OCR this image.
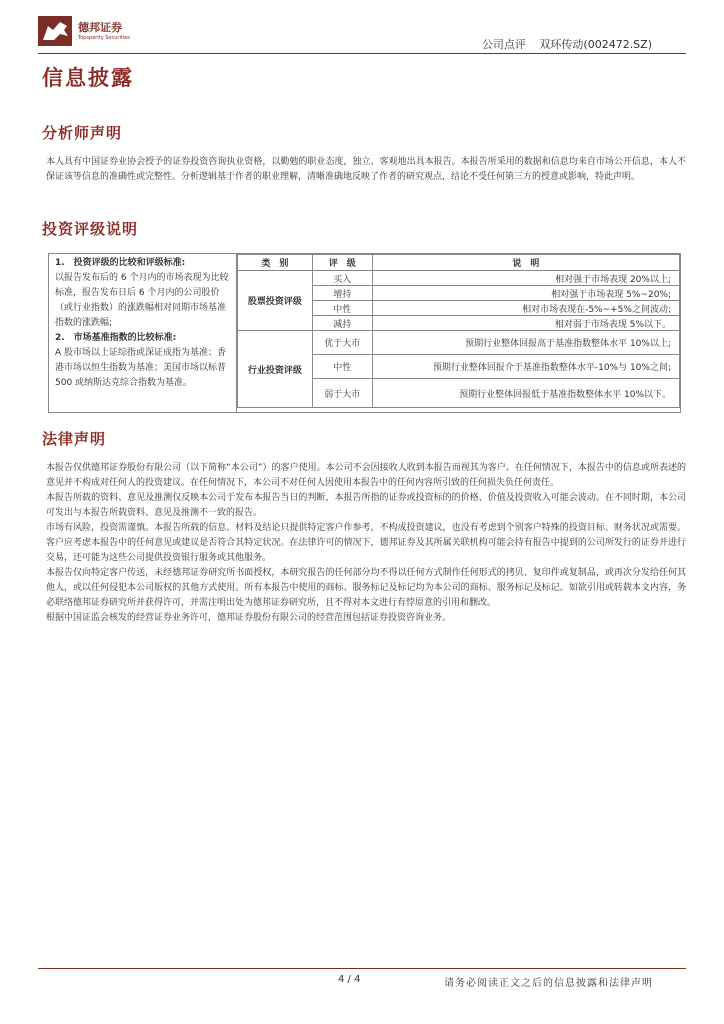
德邦证券
Topsperity Securities
公司点评 双环传动(002472.SZ)
信息披露
分析师声明

本人具有中国证券业协会授予的证券投资咨询执业资格，以勤勉的职业态度，独立、客观地出具本报告。本报告所采用的数据和信息均来自市场公开信息，本人不保证该等信息的准确性或完整性。分析逻辑基于作者的职业理解，清晰准确地反映了作者的研究观点，结论不受任何第三方的授意或影响，特此声明。

投资评级说明
1.　投资评级的比较和评级标准:
以报告发布后的 6 个月内的市场表现为比较标准，报告发布日后 6 个月内的公司股价（或行业指数）的涨跌幅相对同期市场基准指数的涨跌幅;
2.　市场基准指数的比较标准:
A 股市场以上证综指或深证成指为基准；香港市场以恒生指数为基准；美国市场以标普 500 或纳斯达克综合指数为基准。
类　别	评　级	说　明
股票投资评级	买入	相对强于市场表现 20%以上;
	增持	相对强于市场表现 5%~20%;
	中性	相对市场表现在-5%~+5%之间波动;
	减持	相对弱于市场表现 5%以下。
行业投资评级	优于大市	预期行业整体回报高于基准指数整体水平 10%以上;
	中性	预期行业整体回报介于基准指数整体水平-10%与 10%之间;
	弱于大市	预期行业整体回报低于基准指数整体水平 10%以下。
法律声明

本报告仅供德邦证券股份有限公司（以下简称“本公司”）的客户使用。本公司不会因接收人收到本报告而视其为客户。在任何情况下，本报告中的信息或所表述的意见并不构成对任何人的投资建议。在任何情况下，本公司不对任何人因使用本报告中的任何内容所引致的任何损失负任何责任。

本报告所载的资料、意见及推测仅反映本公司于发布本报告当日的判断，本报告所指的证券或投资标的的价格、价值及投资收入可能会波动。在不同时期，本公司可发出与本报告所载资料、意见及推测不一致的报告。

市场有风险，投资需谨慎。本报告所载的信息、材料及结论只提供特定客户作参考，不构成投资建议，也没有考虑到个别客户特殊的投资目标、财务状况或需要。客户应考虑本报告中的任何意见或建议是否符合其特定状况。在法律许可的情况下，德邦证券及其所属关联机构可能会持有报告中提到的公司所发行的证券并进行交易，还可能为这些公司提供投资银行服务或其他服务。

本报告仅向特定客户传送，未经德邦证券研究所书面授权，本研究报告的任何部分均不得以任何方式制作任何形式的拷贝、复印件或复制品，或再次分发给任何其他人，或以任何侵犯本公司版权的其他方式使用。所有本报告中使用的商标、服务标记及标记均为本公司的商标、服务标记及标记。如欲引用或转载本文内容，务必联络德邦证券研究所并获得许可，并需注明出处为德邦证券研究所，且不得对本文进行有悖原意的引用和删改。

根据中国证监会核发的经营证券业务许可，德邦证券股份有限公司的经营范围包括证券投资咨询业务。

4 / 4	请务必阅读正文之后的信息披露和法律声明
